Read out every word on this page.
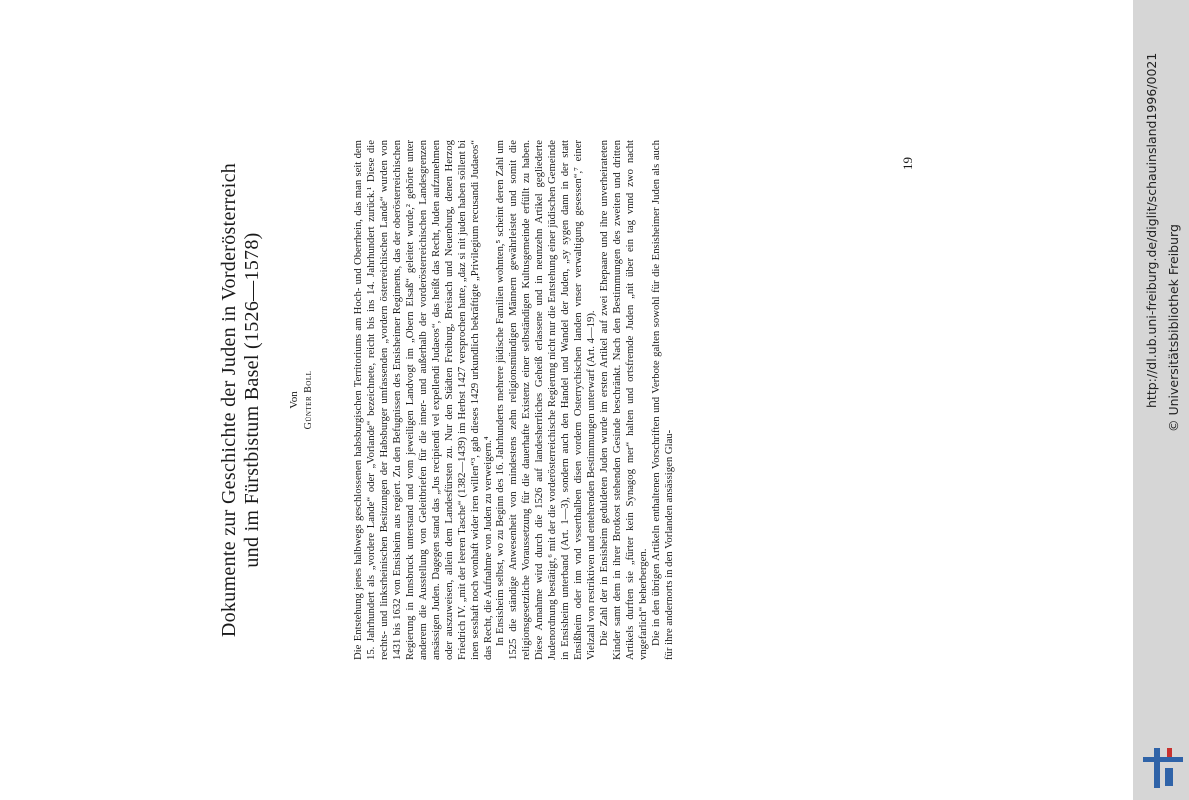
19
Dokumente zur Geschichte der Juden in Vorderösterreich und im Fürstbistum Basel (1526—1578) Von Günter Boll	Die Entstehung jenes halbwegs geschlossenen habsburgischen Territoriums am Hoch- und Oberrhein, das man seit dem 15. Jahrhundert als „vordere Lande“ oder „Vorlande“ bezeichnete, reicht bis ins 14. Jahrhundert zurück.¹ Diese die rechts- und linksrheinischen Besitzungen der Habsburger umfassenden „vordern österreichischen Lande“ wurden von 1431 bis 1632 von Ensisheim aus regiert. Zu den Befugnissen des Ensisheimer Regiments, das der oberösterreichischen Regierung in Innsbruck unterstand und vom jeweiligen Landvogt im „Obern Elsaß“ geleitet wurde,² gehörte unter anderem die Ausstellung von Geleitbriefen für die inner- und außerhalb der vorderösterreichischen Landesgrenzen ansässigen Juden. Dagegen stand das „Jus recipiendi vel expellendi Judaeos“, das heißt das Recht, Juden aufzunehmen oder auszuweisen, allein dem Landesfürsten zu. Nur den Städten Freiburg, Breisach und Neuenburg, denen Herzog Friedrich IV. „mit der leeren Tasche“ (1382—1439) im Herbst 1427 versprochen hatte, „daz si nit juden haben söllent bi inen sesshaft noch wonhaft wider iren willen“³, gab dieses 1429 urkundlich bekräftigte „Privilegium recusandi Judaeos“ das Recht, die Aufnahme von Juden zu verweigern.⁴ In Ensisheim selbst, wo zu Beginn des 16. Jahrhunderts mehrere jüdische Familien wohnten,⁵ scheint deren Zahl um 1525 die ständige Anwesenheit von mindestens zehn religionsmündigen Männern gewährleistet und somit die religionsgesetzliche Voraussetzung für die dauerhafte Existenz einer selbständigen Kultusgemeinde erfüllt zu haben. Diese Annahme wird durch die 1526 auf landesherrliches Geheiß erlassene und in neunzehn Artikel gegliederte Judenordnung bestätigt,⁶ mit der die vorderösterreichische Regierung nicht nur die Entstehung einer jüdischen Gemeinde in Ensisheim unterband (Art. 1—3), sondern auch den Handel und Wandel der Juden, „sy sygen dann in der statt Ensißheim oder inn vnd vsserthalben disen vordern Osterrychischen landen vnser verwaltigung gesessen“,⁷ einer Vielzahl von restriktiven und entehrenden Bestimmungen unterwarf (Art. 4—19). Die Zahl der in Ensisheim geduldeten Juden wurde im ersten Artikel auf zwei Ehepaare und ihre unverheirateten Kinder samt dem in ihrer Brotkost stehenden Gesinde beschränkt. Nach den Bestimmungen des zweiten und dritten Artikels durften sie „fürter kein Synagog mer“ halten und ortsfremde Juden „nit über ein tag vnnd zwo nacht vngefarlich“ beherbergen. Die in den übrigen Artikeln enthaltenen Vorschriften und Verbote galten sowohl für die Ensisheimer Juden als auch für ihre andernorts in den Vorlanden ansässigen Glau-

http://dl.ub.uni-freiburg.de/diglit/schauinsland1996/0021 © Universitätsbibliothek Freiburg
